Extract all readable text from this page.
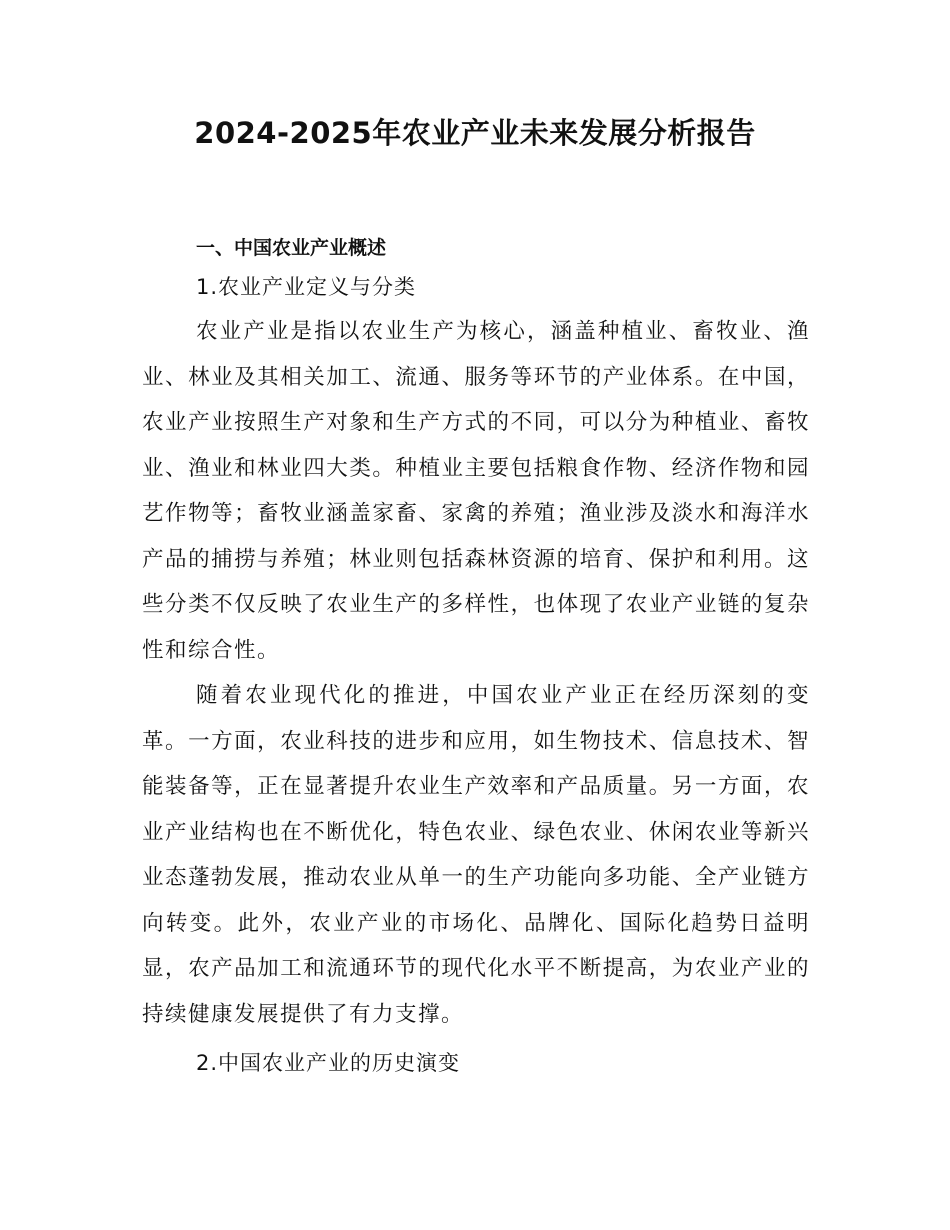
2024-2025年农业产业未来发展分析报告
一、中国农业产业概述
1.农业产业定义与分类

农业产业是指以农业生产为核心，涵盖种植业、畜牧业、渔业、林业及其相关加工、流通、服务等环节的产业体系。在中国，农业产业按照生产对象和生产方式的不同，可以分为种植业、畜牧业、渔业和林业四大类。种植业主要包括粮食作物、经济作物和园艺作物等；畜牧业涵盖家畜、家禽的养殖；渔业涉及淡水和海洋水产品的捕捞与养殖；林业则包括森林资源的培育、保护和利用。这些分类不仅反映了农业生产的多样性，也体现了农业产业链的复杂性和综合性。

随着农业现代化的推进，中国农业产业正在经历深刻的变革。一方面，农业科技的进步和应用，如生物技术、信息技术、智能装备等，正在显著提升农业生产效率和产品质量。另一方面，农业产业结构也在不断优化，特色农业、绿色农业、休闲农业等新兴业态蓬勃发展，推动农业从单一的生产功能向多功能、全产业链方向转变。此外，农业产业的市场化、品牌化、国际化趋势日益明显，农产品加工和流通环节的现代化水平不断提高，为农业产业的持续健康发展提供了有力支撑。

2.中国农业产业的历史演变
